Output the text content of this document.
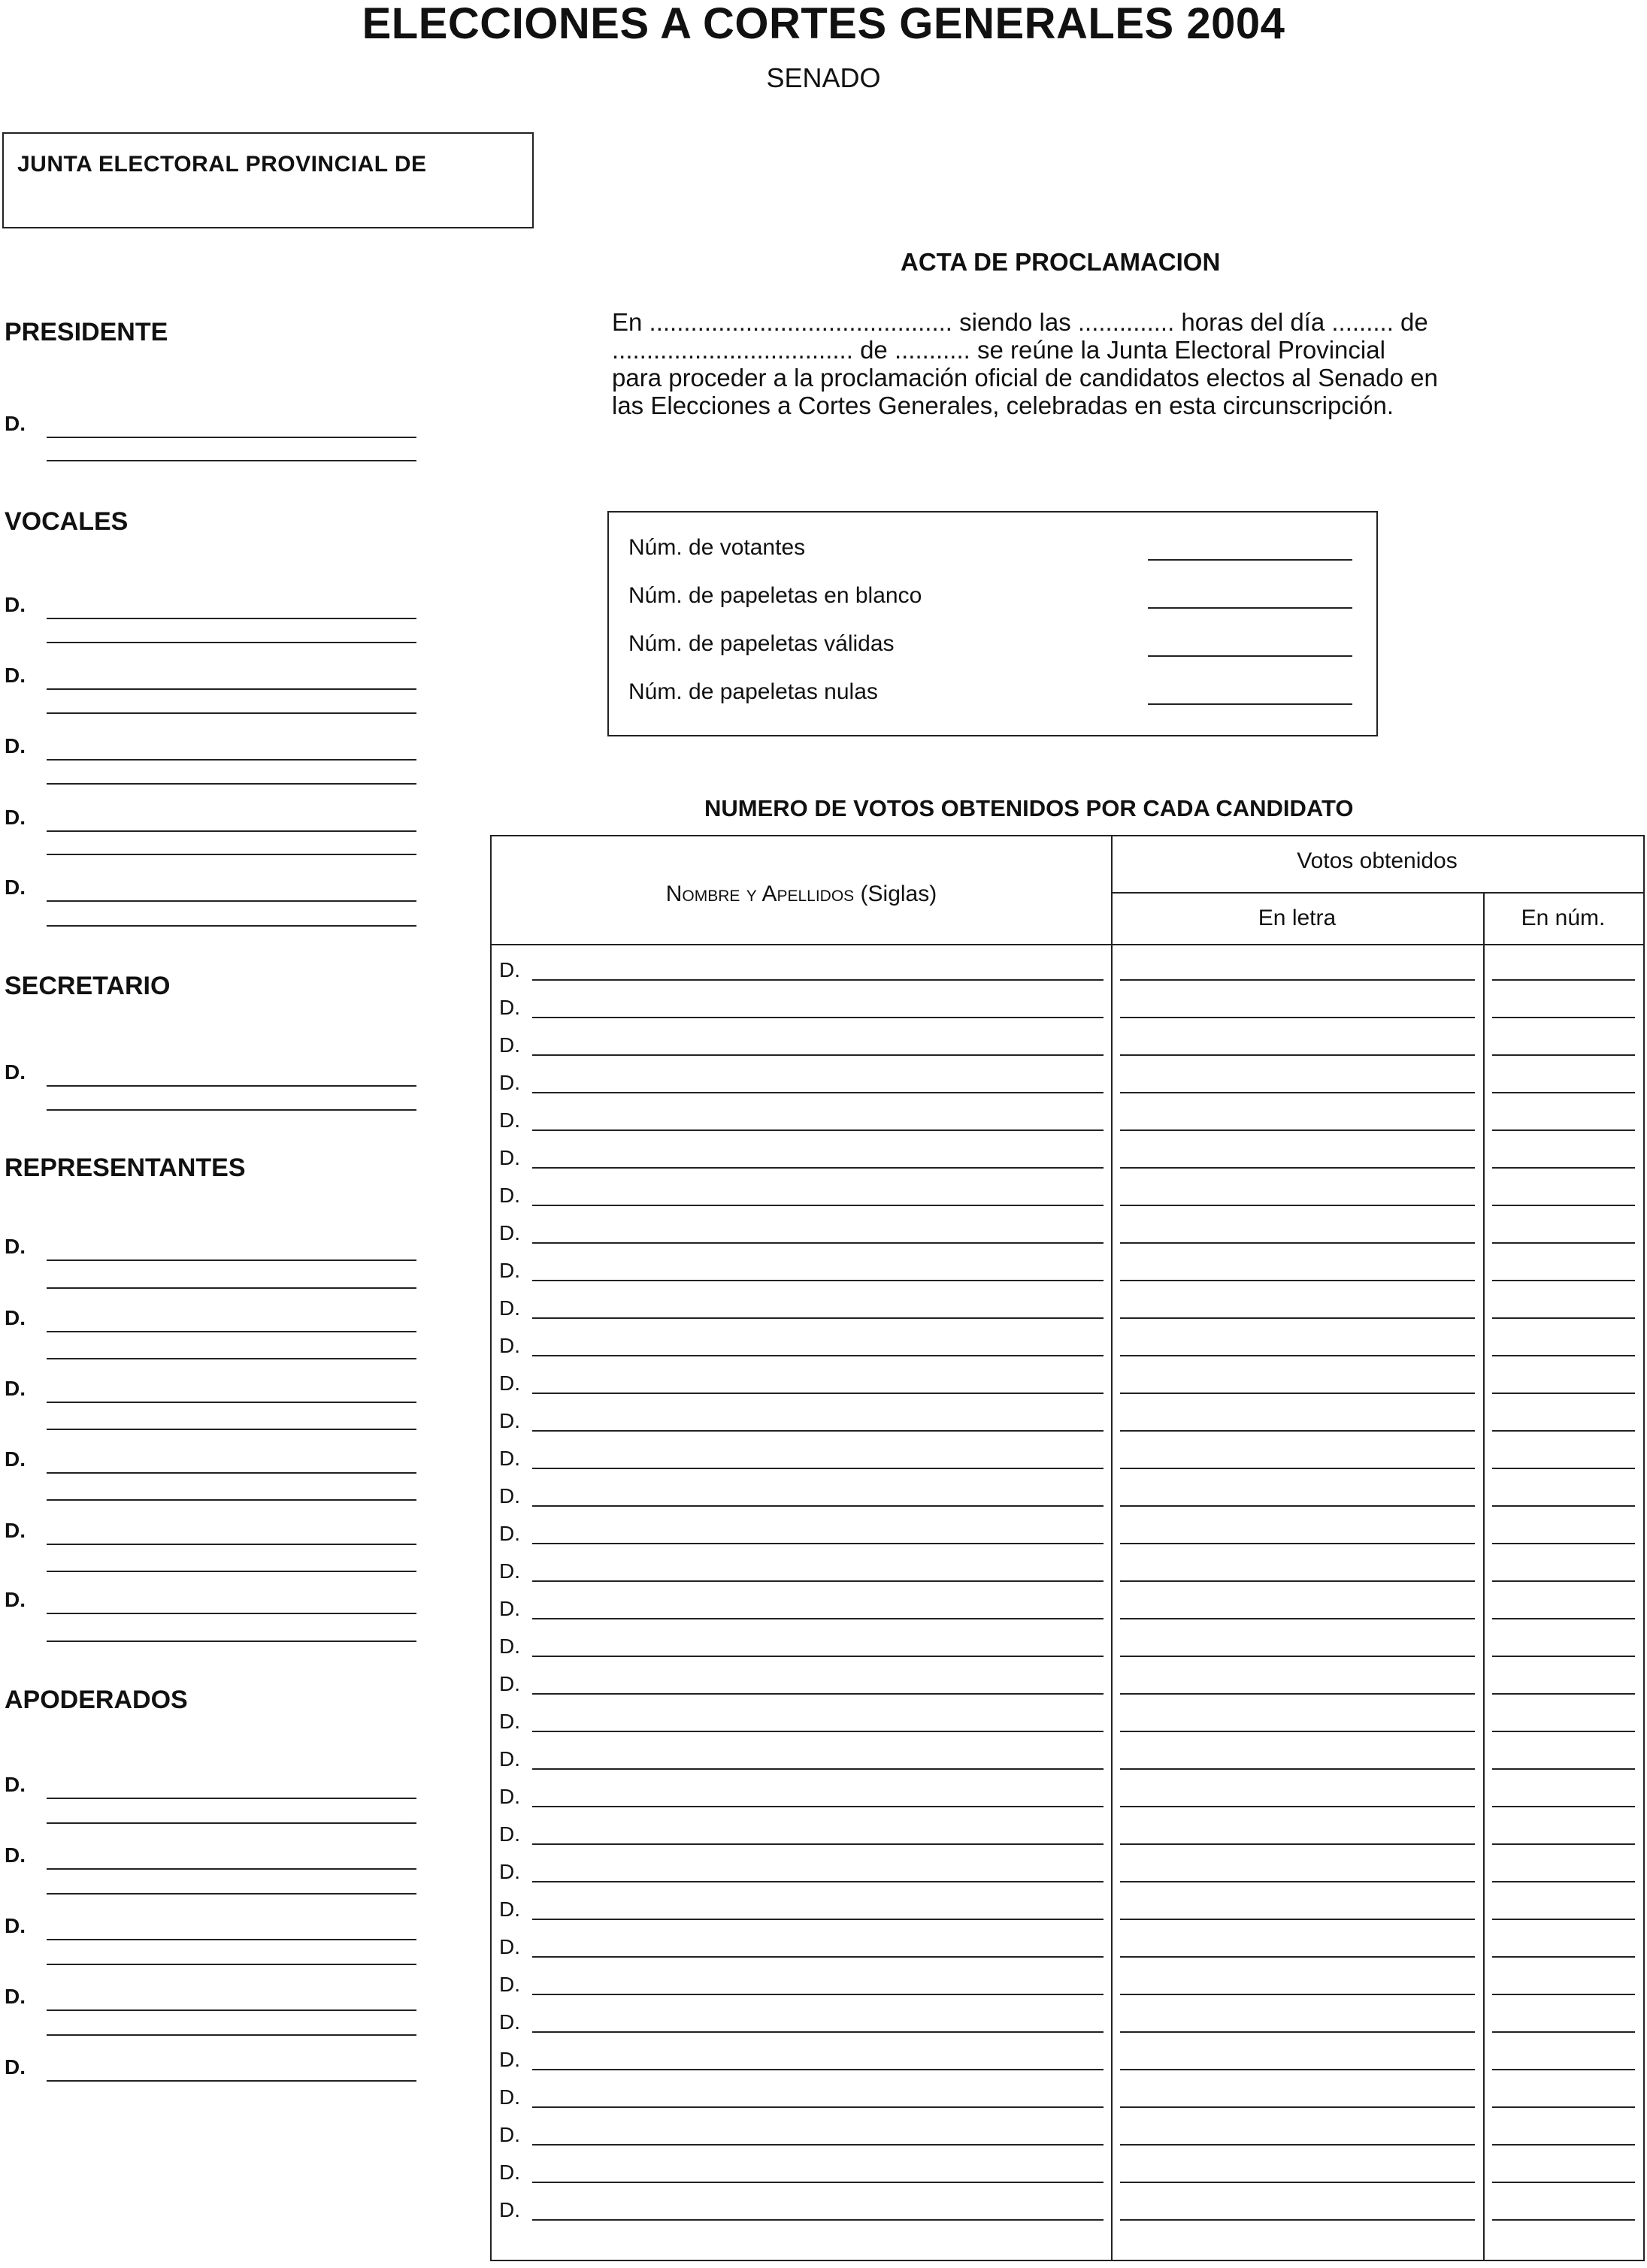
ELECCIONES A CORTES GENERALES 2004
SENADO
JUNTA ELECTORAL PROVINCIAL DE
ACTA DE PROCLAMACION

En ............................................ siendo las .............. horas del día ......... de

................................... de ........... se reúne la Junta Electoral Provincial

para proceder a la proclamación oficial de candidatos electos al Senado en

las Elecciones a Cortes Generales, celebradas en esta circunscripción.

Núm. de votantes
Núm. de papeletas en blanco
Núm. de papeletas válidas
Núm. de papeletas nulas
PRESIDENTE
VOCALES
SECRETARIO
REPRESENTANTES
APODERADOS
D.
D.
D.
D.
D.
D.
D.
D.
D.
D.
D.
D.
D.
D.
D.
D.
D.
D.
NUMERO DE VOTOS OBTENIDOS POR CADA CANDIDATO
Nombre y Apellidos (Siglas)
Votos obtenidos
En letra	En núm.
D.
D.
D.
D.
D.
D.
D.
D.
D.
D.
D.
D.
D.
D.
D.
D.
D.
D.
D.
D.
D.
D.
D.
D.
D.
D.
D.
D.
D.
D.
D.
D.
D.
D.
